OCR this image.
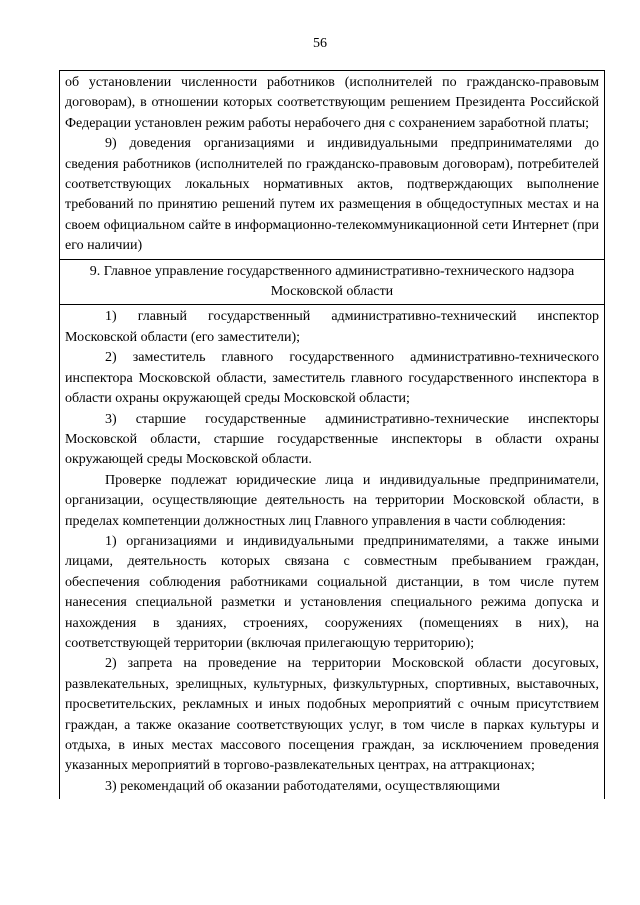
56

об установлении численности работников (исполнителей по гражданско-правовым договорам), в отношении которых соответствующим решением Президента Российской Федерации установлен режим работы нерабочего дня с сохранением заработной платы;

9) доведения организациями и индивидуальными предпринимателями до сведения работников (исполнителей по гражданско-правовым договорам), потребителей соответствующих локальных нормативных актов, подтверждающих выполнение требований по принятию решений путем их размещения в общедоступных местах и на своем официальном сайте в информационно-телекоммуникационной сети Интернет (при его наличии)

9. Главное управление государственного административно-технического надзора Московской области

1) главный государственный административно-технический инспектор Московской области (его заместители);

2) заместитель главного государственного административно-технического инспектора Московской области, заместитель главного государственного инспектора в области охраны окружающей среды Московской области;

3) старшие государственные административно-технические инспекторы Московской области, старшие государственные инспекторы в области охраны окружающей среды Московской области.

Проверке подлежат юридические лица и индивидуальные предприниматели, организации, осуществляющие деятельность на территории Московской области, в пределах компетенции должностных лиц Главного управления в части соблюдения:

1) организациями и индивидуальными предпринимателями, а также иными лицами, деятельность которых связана с совместным пребыванием граждан, обеспечения соблюдения работниками социальной дистанции, в том числе путем нанесения специальной разметки и установления специального режима допуска и нахождения в зданиях, строениях, сооружениях (помещениях в них), на соответствующей территории (включая прилегающую территорию);

2) запрета на проведение на территории Московской области досуговых, развлекательных, зрелищных, культурных, физкультурных, спортивных, выставочных, просветительских, рекламных и иных подобных мероприятий с очным присутствием граждан, а также оказание соответствующих услуг, в том числе в парках культуры и отдыха, в иных местах массового посещения граждан, за исключением проведения указанных мероприятий в торгово-развлекательных центрах, на аттракционах;

3) рекомендаций об оказании работодателями, осуществляющими
